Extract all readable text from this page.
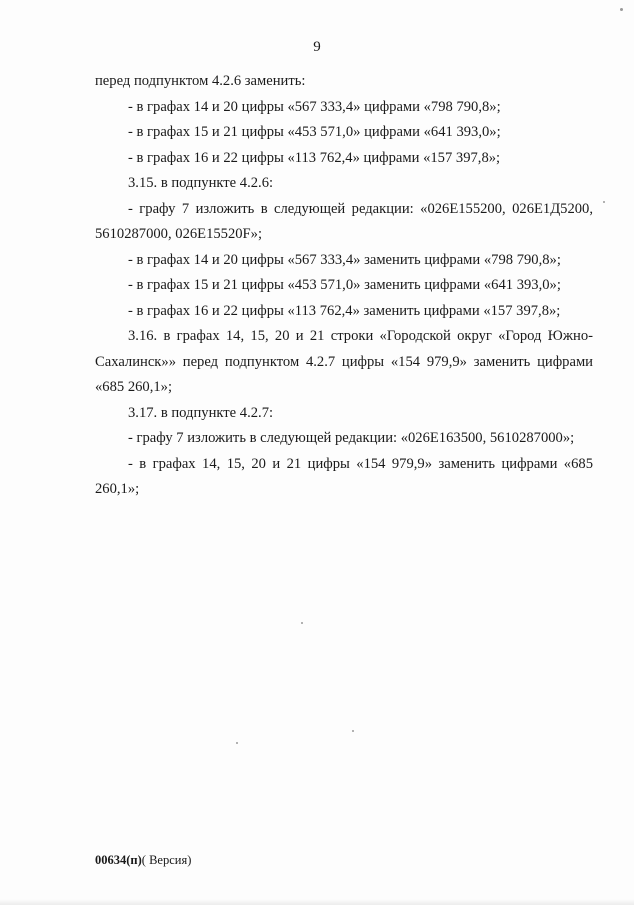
9

перед подпунктом 4.2.6 заменить:

- в графах 14 и 20 цифры «567 333,4» цифрами «798 790,8»;

- в графах 15 и 21 цифры «453 571,0» цифрами «641 393,0»;

- в графах 16 и 22 цифры «113 762,4» цифрами «157 397,8»;

3.15. в подпункте 4.2.6:

- графу 7 изложить в следующей редакции: «026Е155200, 026Е1Д5200, 5610287000, 026Е15520F»;

- в графах 14 и 20 цифры «567 333,4» заменить цифрами «798 790,8»;

- в графах 15 и 21 цифры «453 571,0» заменить цифрами «641 393,0»;

- в графах 16 и 22 цифры «113 762,4» заменить цифрами «157 397,8»;

3.16. в графах 14, 15, 20 и 21 строки «Городской округ «Город Южно-Сахалинск»» перед подпунктом 4.2.7 цифры «154 979,9» заменить цифрами «685 260,1»;

3.17. в подпункте 4.2.7:

- графу 7 изложить в следующей редакции: «026Е163500, 5610287000»;

- в графах 14, 15, 20 и 21 цифры «154 979,9» заменить цифрами «685 260,1»;

00634(п)( Версия)
